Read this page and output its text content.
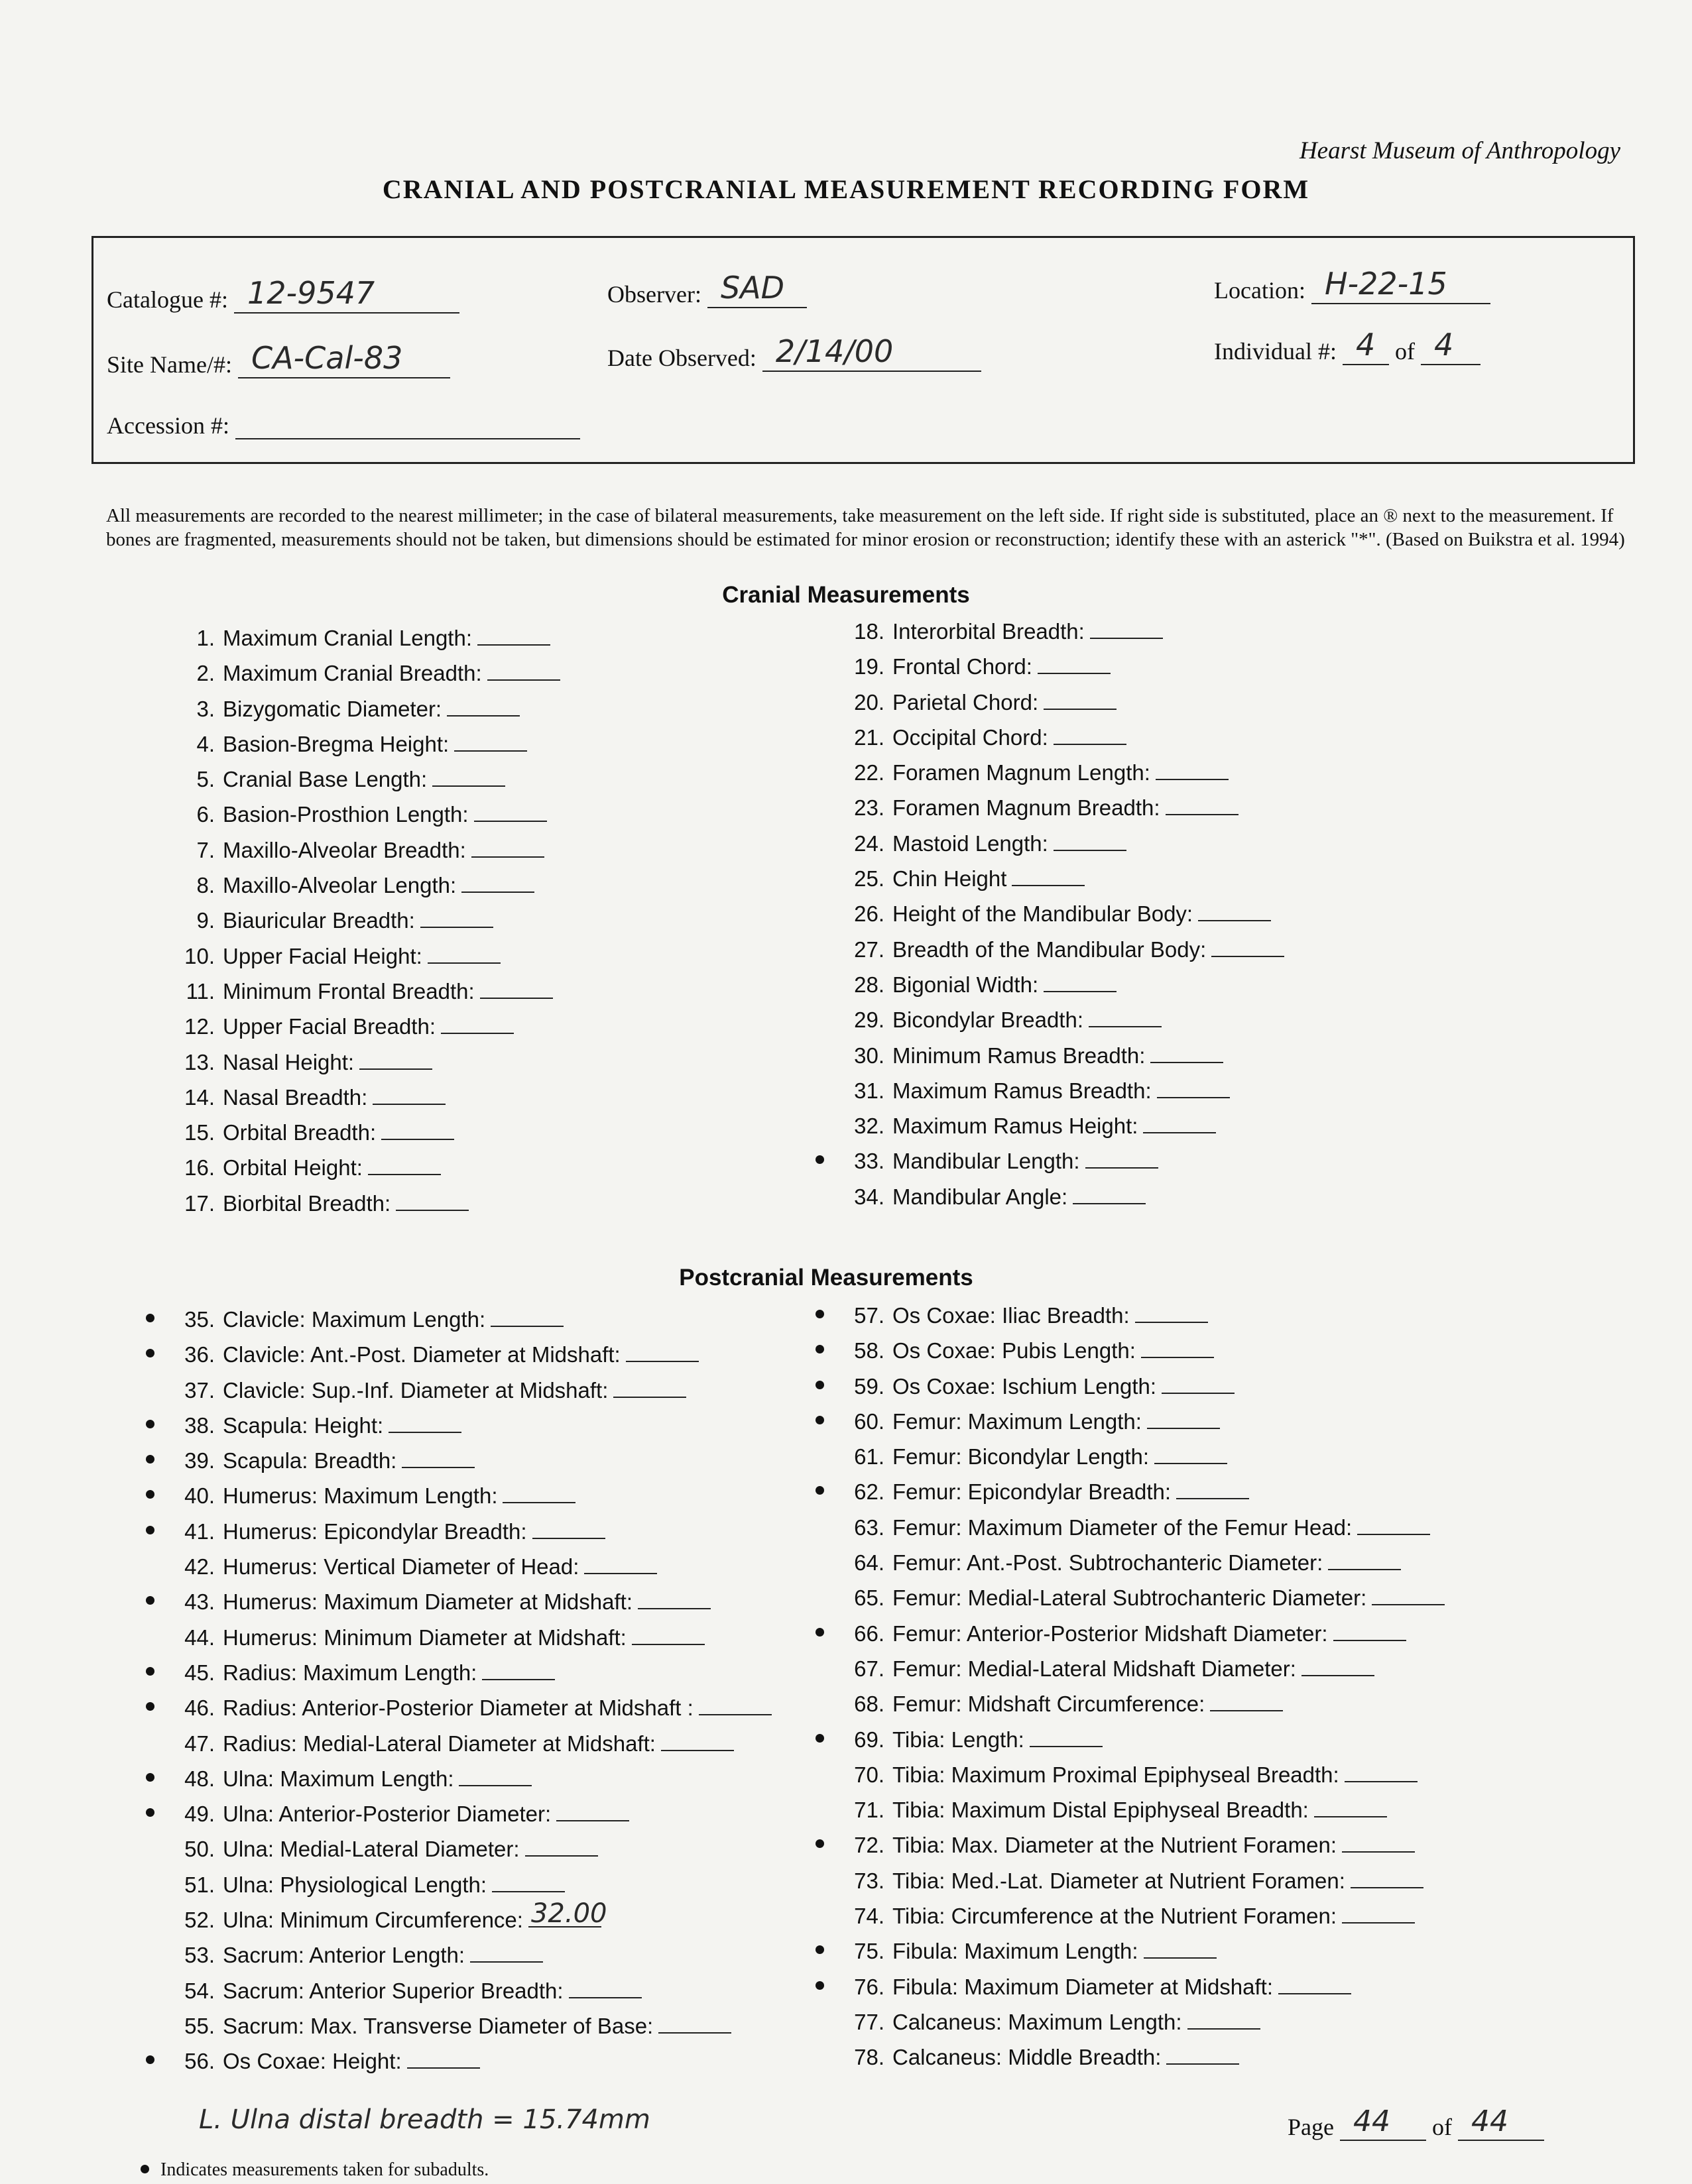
Hearst Museum of Anthropology
CRANIAL AND POSTCRANIAL MEASUREMENT RECORDING FORM
Catalogue #: 12-9547	Observer: SAD	Location: H-22-15
Site Name/#: CA-Cal-83	Date Observed: 2/14/00	Individual #: 4 of 4
Accession #:
All measurements are recorded to the nearest millimeter; in the case of bilateral measurements, take measurement on the left side. If right side is substituted, place an ® next to the measurement. If bones are fragmented, measurements should not be taken, but dimensions should be estimated for minor erosion or reconstruction; identify these with an asterick "*". (Based on Buikstra et al. 1994)
Cranial Measurements
1. Maximum Cranial Length:
2. Maximum Cranial Breadth:
3. Bizygomatic Diameter:
4. Basion-Bregma Height:
5. Cranial Base Length:
6. Basion-Prosthion Length:
7. Maxillo-Alveolar Breadth:
8. Maxillo-Alveolar Length:
9. Biauricular Breadth:
10. Upper Facial Height:
11. Minimum Frontal Breadth:
12. Upper Facial Breadth:
13. Nasal Height:
14. Nasal Breadth:
15. Orbital Breadth:
16. Orbital Height:
17. Biorbital Breadth:
18. Interorbital Breadth:
19. Frontal Chord:
20. Parietal Chord:
21. Occipital Chord:
22. Foramen Magnum Length:
23. Foramen Magnum Breadth:
24. Mastoid Length:
25. Chin Height
26. Height of the Mandibular Body:
27. Breadth of the Mandibular Body:
28. Bigonial Width:
29. Bicondylar Breadth:
30. Minimum Ramus Breadth:
31. Maximum Ramus Breadth:
32. Maximum Ramus Height:
33. Mandibular Length:
34. Mandibular Angle:
Postcranial Measurements
35. Clavicle: Maximum Length:
36. Clavicle: Ant.-Post. Diameter at Midshaft:
37. Clavicle: Sup.-Inf. Diameter at Midshaft:
38. Scapula: Height:
39. Scapula: Breadth:
40. Humerus: Maximum Length:
41. Humerus: Epicondylar Breadth:
42. Humerus: Vertical Diameter of Head:
43. Humerus: Maximum Diameter at Midshaft:
44. Humerus: Minimum Diameter at Midshaft:
45. Radius: Maximum Length:
46. Radius: Anterior-Posterior Diameter at Midshaft :
47. Radius: Medial-Lateral Diameter at Midshaft:
48. Ulna: Maximum Length:
49. Ulna: Anterior-Posterior Diameter:
50. Ulna: Medial-Lateral Diameter:
51. Ulna: Physiological Length:
52. Ulna: Minimum Circumference: 32.00
53. Sacrum: Anterior Length:
54. Sacrum: Anterior Superior Breadth:
55. Sacrum: Max. Transverse Diameter of Base:
56. Os Coxae: Height:
57. Os Coxae: Iliac Breadth:
58. Os Coxae: Pubis Length:
59. Os Coxae: Ischium Length:
60. Femur: Maximum Length:
61. Femur: Bicondylar Length:
62. Femur: Epicondylar Breadth:
63. Femur: Maximum Diameter of the Femur Head:
64. Femur: Ant.-Post. Subtrochanteric Diameter:
65. Femur: Medial-Lateral Subtrochanteric Diameter:
66. Femur: Anterior-Posterior Midshaft Diameter:
67. Femur: Medial-Lateral Midshaft Diameter:
68. Femur: Midshaft Circumference:
69. Tibia: Length:
70. Tibia: Maximum Proximal Epiphyseal Breadth:
71. Tibia: Maximum Distal Epiphyseal Breadth:
72. Tibia: Max. Diameter at the Nutrient Foramen:
73. Tibia: Med.-Lat. Diameter at Nutrient Foramen:
74. Tibia: Circumference at the Nutrient Foramen:
75. Fibula: Maximum Length:
76. Fibula: Maximum Diameter at Midshaft:
77. Calcaneus: Maximum Length:
78. Calcaneus: Middle Breadth:
L. Ulna distal breadth = 15.74mm	Page 44 of 44
Indicates measurements taken for subadults.
